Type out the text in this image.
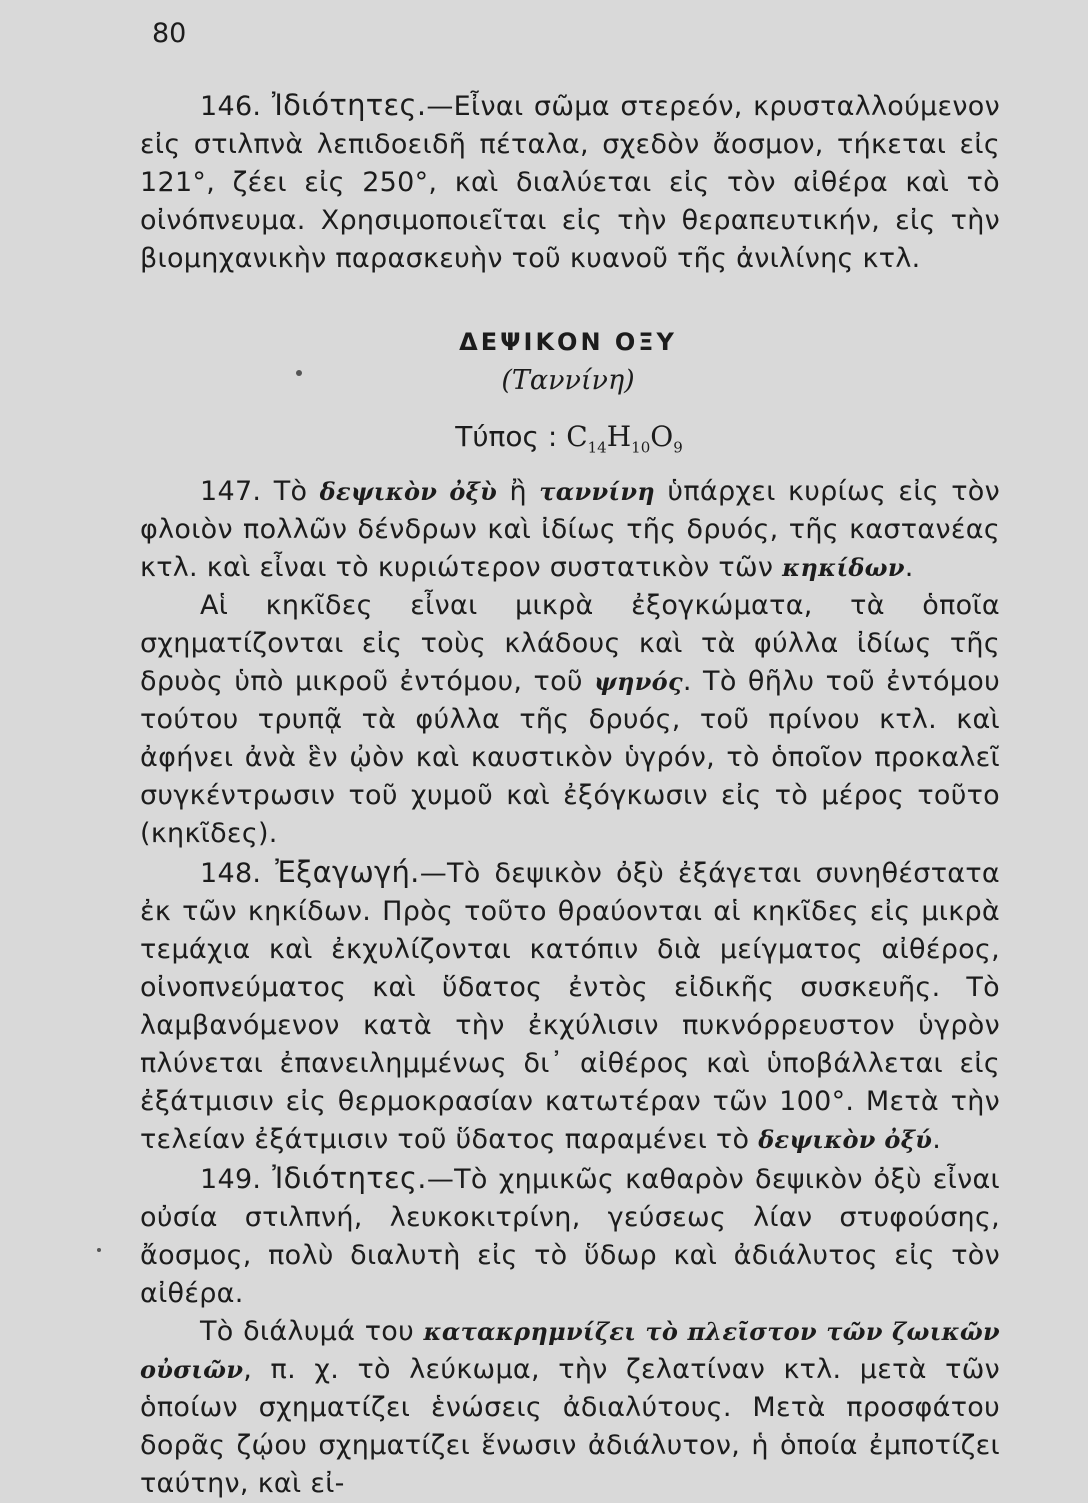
80

146. Ἰδιότητες.—Εἶναι σῶμα στερεόν, κρυσταλλούμενον εἰς στιλπνὰ λεπιδοειδῆ πέταλα, σχεδὸν ἄοσμον, τήκεται εἰς 121°, ζέει εἰς 250°, καὶ διαλύεται εἰς τὸν αἰθέρα καὶ τὸ οἰνόπνευμα. Χρησιμοποιεῖται εἰς τὴν θεραπευτικήν, εἰς τὴν βιομηχανικὴν παρασκευὴν τοῦ κυανοῦ τῆς ἀνιλίνης κτλ.

ΔΕΨΙΚΟΝ ΟΞΥ
(Ταννίνη)
Τύπος : $C_{14}H_{10}O_9$

147. Τὸ δεψικὸν ὀξὺ ἢ ταννίνη ὑπάρχει κυρίως εἰς τὸν φλοιὸν πολλῶν δένδρων καὶ ἰδίως τῆς δρυός, τῆς καστανέας κτλ. καὶ εἶναι τὸ κυριώτερον συστατικὸν τῶν κηκίδων.

Αἱ κηκῖδες εἶναι μικρὰ ἐξογκώματα, τὰ ὁποῖα σχηματίζονται εἰς τοὺς κλάδους καὶ τὰ φύλλα ἰδίως τῆς δρυὸς ὑπὸ μικροῦ ἐντόμου, τοῦ ψηνός. Τὸ θῆλυ τοῦ ἐντόμου τούτου τρυπᾷ τὰ φύλλα τῆς δρυός, τοῦ πρίνου κτλ. καὶ ἀφήνει ἀνὰ ἓν ᾠὸν καὶ καυστικὸν ὑγρόν, τὸ ὁποῖον προκαλεῖ συγκέντρωσιν τοῦ χυμοῦ καὶ ἐξόγκωσιν εἰς τὸ μέρος τοῦτο (κηκῖδες).

148. Ἐξαγωγή.—Τὸ δεψικὸν ὀξὺ ἐξάγεται συνηθέστατα ἐκ τῶν κηκίδων. Πρὸς τοῦτο θραύονται αἱ κηκῖδες εἰς μικρὰ τεμάχια καὶ ἐκχυλίζονται κατόπιν διὰ μείγματος αἰθέρος, οἰνοπνεύματος καὶ ὕδατος ἐντὸς εἰδικῆς συσκευῆς. Τὸ λαμβανόμενον κατὰ τὴν ἐκχύλισιν πυκνόρρευστον ὑγρὸν πλύνεται ἐπανειλημμένως δι᾽ αἰθέρος καὶ ὑποβάλλεται εἰς ἐξάτμισιν εἰς θερμοκρασίαν κατωτέραν τῶν 100°. Μετὰ τὴν τελείαν ἐξάτμισιν τοῦ ὕδατος παραμένει τὸ δεψικὸν ὀξύ.

149. Ἰδιότητες.—Τὸ χημικῶς καθαρὸν δεψικὸν ὀξὺ εἶναι οὐσία στιλπνή, λευκοκιτρίνη, γεύσεως λίαν στυφούσης, ἄοσμος, πολὺ διαλυτὴ εἰς τὸ ὕδωρ καὶ ἀδιάλυτος εἰς τὸν αἰθέρα.

Τὸ διάλυμά του κατακρημνίζει τὸ πλεῖστον τῶν ζωικῶν οὐσιῶν, π. χ. τὸ λεύκωμα, τὴν ζελατίναν κτλ. μετὰ τῶν ὁποίων σχηματίζει ἑνώσεις ἀδιαλύτους. Μετὰ προσφάτου δορᾶς ζῴου σχηματίζει ἕνωσιν ἀδιάλυτον, ἡ ὁποία ἐμποτίζει ταύτην, καὶ εἰ-
